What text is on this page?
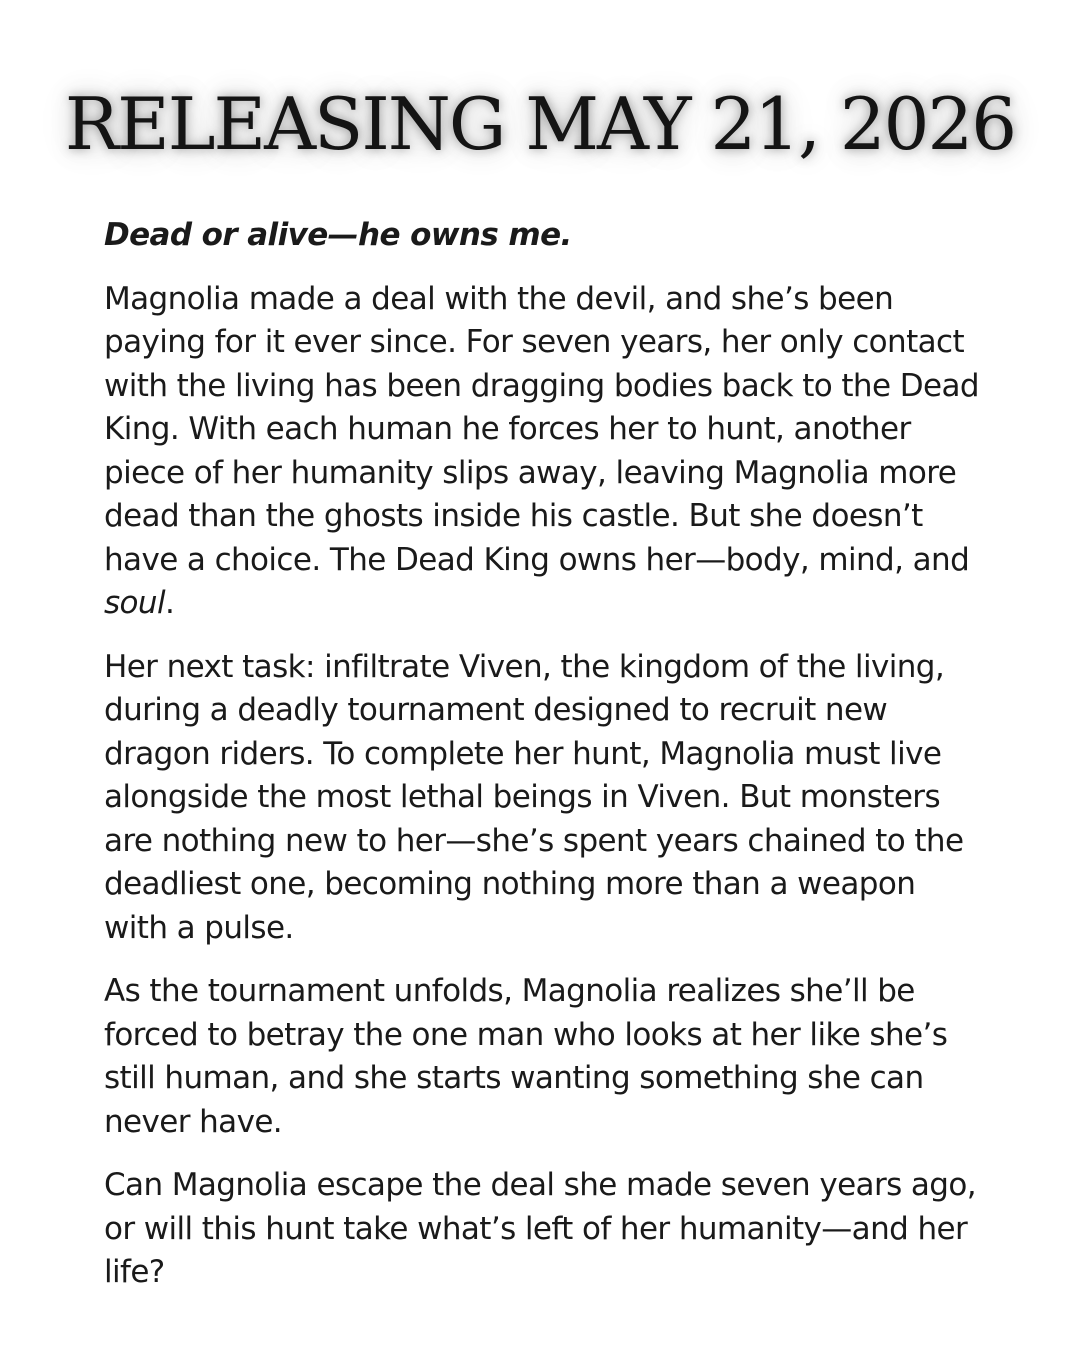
RELEASING MAY 21, 2026

Dead or alive—he owns me.

Magnolia made a deal with the devil, and she’s been paying for it ever since. For seven years, her only contact with the living has been dragging bodies back to the Dead King. With each human he forces her to hunt, another piece of her humanity slips away, leaving Magnolia more dead than the ghosts inside his castle. But she doesn’t have a choice. The Dead King owns her—body, mind, and soul.

Her next task: infiltrate Viven, the kingdom of the living, during a deadly tournament designed to recruit new dragon riders. To complete her hunt, Magnolia must live alongside the most lethal beings in Viven. But monsters are nothing new to her—she’s spent years chained to the deadliest one, becoming nothing more than a weapon with a pulse.

As the tournament unfolds, Magnolia realizes she’ll be forced to betray the one man who looks at her like she’s still human, and she starts wanting something she can never have.

Can Magnolia escape the deal she made seven years ago, or will this hunt take what’s left of her humanity—and her life?
